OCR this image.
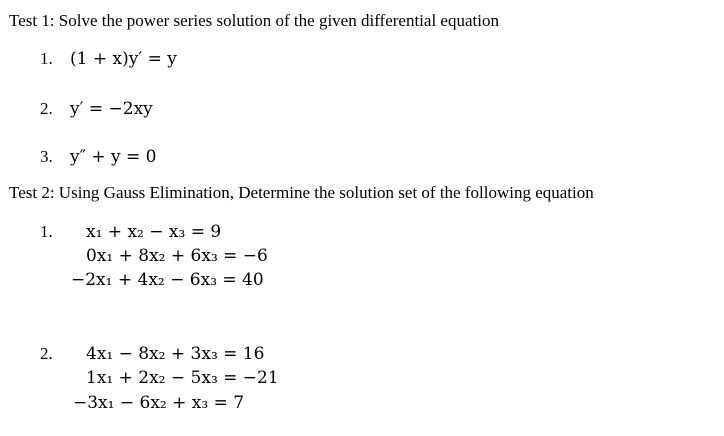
Test 1: Solve the power series solution of the given differential equation
1. (1 + x)y′ = y
2. y′ = −2xy
3. y″ + y = 0
Test 2: Using Gauss Elimination, Determine the solution set of the following equation
1. x₁ + x₂ − x₃ = 9
0x₁ + 8x₂ + 6x₃ = −6
−2x₁ + 4x₂ − 6x₃ = 40
2. 4x₁ − 8x₂ + 3x₃ = 16
1x₁ + 2x₂ − 5x₃ = −21
−3x₁ − 6x₂ + x₃ = 7
